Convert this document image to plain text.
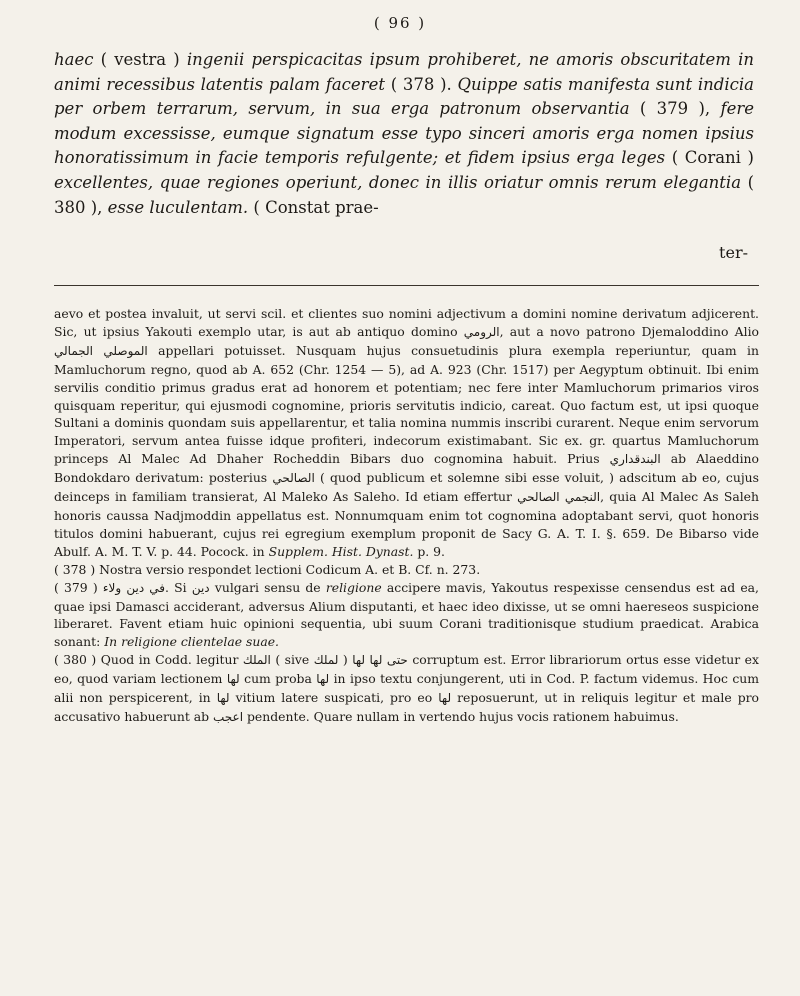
( 96 )

haec ( vestra ) ingenii perspicacitas ipsum prohiberet, ne amoris obscuritatem in animi recessibus latentis palam faceret ( 378 ). Quippe satis manifesta sunt indicia per orbem terrarum, servum, in sua erga patronum observantia ( 379 ), fere modum excessisse, eumque signatum esse typo sinceri amoris erga nomen ipsius honoratissimum in facie temporis refulgente; et fidem ipsius erga leges ( Corani ) excellentes, quae regiones operiunt, donec in illis oriatur omnis rerum elegantia ( 380 ), esse luculentam. ( Constat prae-

ter-

aevo et postea invaluit, ut servi scil. et clientes suo nomini adjectivum a domini nomine derivatum adjicerent. Sic, ut ipsius Yakouti exemplo utar, is aut ab antiquo domino الرومي, aut a novo patrono Djemaloddino Alio الجمالي الموصلي appellari potuisset. Nusquam hujus consuetudinis plura exempla reperiuntur, quam in Mamluchorum regno, quod ab A. 652 (Chr. 1254 — 5), ad A. 923 (Chr. 1517) per Aegyptum obtinuit. Ibi enim servilis conditio primus gradus erat ad honorem et potentiam; nec fere inter Mamluchorum primarios viros quisquam reperitur, qui ejusmodi cognomine, prioris servitutis indicio, careat. Quo factum est, ut ipsi quoque Sultani a dominis quondam suis appellarentur, et talia nomina nummis inscribi curarent. Neque enim servorum Imperatori, servum antea fuisse idque profiteri, indecorum existimabant. Sic ex. gr. quartus Mamluchorum princeps Al Malec Ad Dhaher Rocheddin Bibars duo cognomina habuit. Prius البندقداري ab Alaeddino Bondokdaro derivatum: posterius الصالحي ( quod publicum et solemne sibi esse voluit, ) adscitum ab eo, cujus deinceps in familiam transierat, Al Maleko As Saleho. Id etiam effertur الصالحي النجمي, quia Al Malec As Saleh honoris caussa Nadjmoddin appellatus est. Nonnumquam enim tot cognomina adoptabant servi, quot honoris titulos domini habuerant, cujus rei egregium exemplum proponit de Sacy G. A. T. I. §. 659. De Bibarso vide Abulf. A. M. T. V. p. 44. Pocock. in Supplem. Hist. Dynast. p. 9.

( 378 ) Nostra versio respondet lectioni Codicum A. et B. Cf. n. 273.

( 379 ) ولاء في دين. Si دين vulgari sensu de religione accipere mavis, Yakoutus respexisse censendus est ad ea, quae ipsi Damasci acciderant, adversus Alium disputanti, et haec ideo dixisse, ut se omni haereseos suspicione liberaret. Favent etiam huic opinioni sequentia, ubi suum Corani traditionisque studium praedicat. Arabica sonant: In religione clientelae suae.

( 380 ) Quod in Codd. legitur الملك ( sive لملك ) لها لها حتى corruptum est. Error librariorum ortus esse videtur ex eo, quod variam lectionem لها cum proba لها in ipso textu conjungerent, uti in Cod. P. factum videmus. Hoc cum alii non perspicerent, in لها vitium latere suspicati, pro eo لها reposuerunt, ut in reliquis legitur et male pro accusativo habuerunt ab اعجب pendente. Quare nullam in vertendo hujus vocis rationem habuimus.
